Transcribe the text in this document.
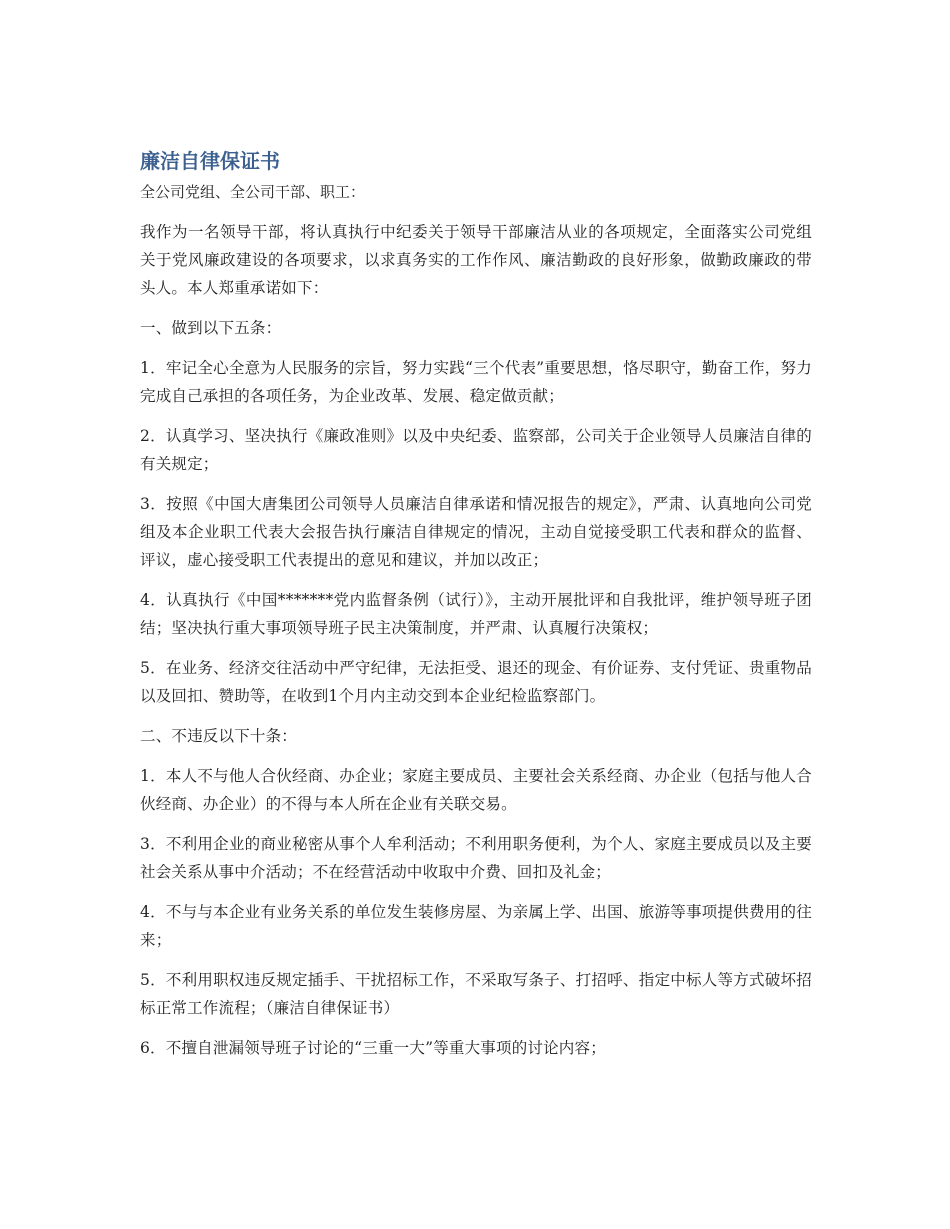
廉洁自律保证书

全公司党组、全公司干部、职工：

我作为一名领导干部，将认真执行中纪委关于领导干部廉洁从业的各项规定，全面落实公司党组关于党风廉政建设的各项要求，以求真务实的工作作风、廉洁勤政的良好形象，做勤政廉政的带头人。本人郑重承诺如下：

一、做到以下五条：

1．牢记全心全意为人民服务的宗旨，努力实践“三个代表”重要思想，恪尽职守，勤奋工作，努力完成自己承担的各项任务，为企业改革、发展、稳定做贡献；

2．认真学习、坚决执行《廉政准则》以及中央纪委、监察部，公司关于企业领导人员廉洁自律的有关规定；

3．按照《中国大唐集团公司领导人员廉洁自律承诺和情况报告的规定》，严肃、认真地向公司党组及本企业职工代表大会报告执行廉洁自律规定的情况，主动自觉接受职工代表和群众的监督、评议，虚心接受职工代表提出的意见和建议，并加以改正；

4．认真执行《中国*******党内监督条例（试行）》，主动开展批评和自我批评，维护领导班子团结；坚决执行重大事项领导班子民主决策制度，并严肃、认真履行决策权；

5．在业务、经济交往活动中严守纪律，无法拒受、退还的现金、有价证券、支付凭证、贵重物品以及回扣、赞助等，在收到1个月内主动交到本企业纪检监察部门。

二、不违反以下十条：

1．本人不与他人合伙经商、办企业；家庭主要成员、主要社会关系经商、办企业（包括与他人合伙经商、办企业）的不得与本人所在企业有关联交易。

3．不利用企业的商业秘密从事个人牟利活动；不利用职务便利，为个人、家庭主要成员以及主要社会关系从事中介活动；不在经营活动中收取中介费、回扣及礼金；

4．不与与本企业有业务关系的单位发生装修房屋、为亲属上学、出国、旅游等事项提供费用的往来；

5．不利用职权违反规定插手、干扰招标工作，不采取写条子、打招呼、指定中标人等方式破坏招标正常工作流程；（廉洁自律保证书）

6．不擅自泄漏领导班子讨论的“三重一大”等重大事项的讨论内容；
